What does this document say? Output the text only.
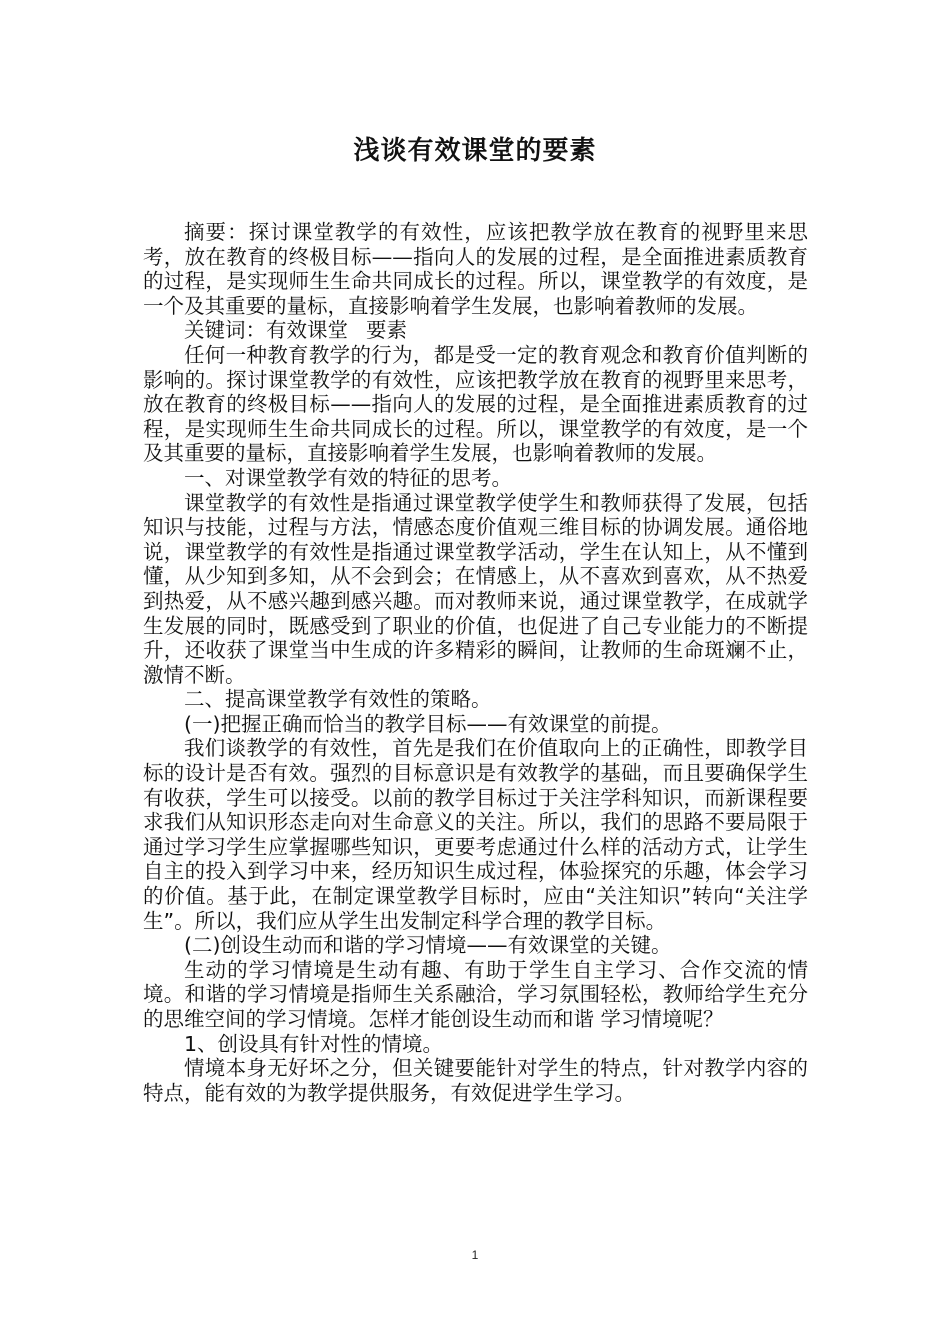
浅谈有效课堂的要素

摘要：探讨课堂教学的有效性，应该把教学放在教育的视野里来思考，放在教育的终极目标——指向人的发展的过程，是全面推进素质教育的过程，是实现师生生命共同成长的过程。所以，课堂教学的有效度，是一个及其重要的量标，直接影响着学生发展，也影响着教师的发展。

关键词：有效课堂 要素

任何一种教育教学的行为，都是受一定的教育观念和教育价值判断的影响的。探讨课堂教学的有效性，应该把教学放在教育的视野里来思考，放在教育的终极目标——指向人的发展的过程，是全面推进素质教育的过程，是实现师生生命共同成长的过程。所以，课堂教学的有效度，是一个及其重要的量标，直接影响着学生发展，也影响着教师的发展。

一、对课堂教学有效的特征的思考。

课堂教学的有效性是指通过课堂教学使学生和教师获得了发展，包括知识与技能，过程与方法，情感态度价值观三维目标的协调发展。通俗地说，课堂教学的有效性是指通过课堂教学活动，学生在认知上，从不懂到懂，从少知到多知，从不会到会；在情感上，从不喜欢到喜欢，从不热爱到热爱，从不感兴趣到感兴趣。而对教师来说，通过课堂教学，在成就学生发展的同时，既感受到了职业的价值，也促进了自己专业能力的不断提升，还收获了课堂当中生成的许多精彩的瞬间，让教师的生命斑斓不止，激情不断。

二、提高课堂教学有效性的策略。

(一)把握正确而恰当的教学目标——有效课堂的前提。

我们谈教学的有效性，首先是我们在价值取向上的正确性，即教学目标的设计是否有效。强烈的目标意识是有效教学的基础，而且要确保学生有收获，学生可以接受。以前的教学目标过于关注学科知识，而新课程要求我们从知识形态走向对生命意义的关注。所以，我们的思路不要局限于通过学习学生应掌握哪些知识，更要考虑通过什么样的活动方式，让学生自主的投入到学习中来，经历知识生成过程，体验探究的乐趣，体会学习的价值。基于此，在制定课堂教学目标时，应由“关注知识”转向“关注学生”。所以，我们应从学生出发制定科学合理的教学目标。

(二)创设生动而和谐的学习情境——有效课堂的关键。

生动的学习情境是生动有趣、有助于学生自主学习、合作交流的情境。和谐的学习情境是指师生关系融洽，学习氛围轻松，教师给学生充分的思维空间的学习情境。怎样才能创设生动而和谐 学习情境呢？

1、创设具有针对性的情境。

情境本身无好坏之分，但关键要能针对学生的特点，针对教学内容的特点，能有效的为教学提供服务，有效促进学生学习。

1
